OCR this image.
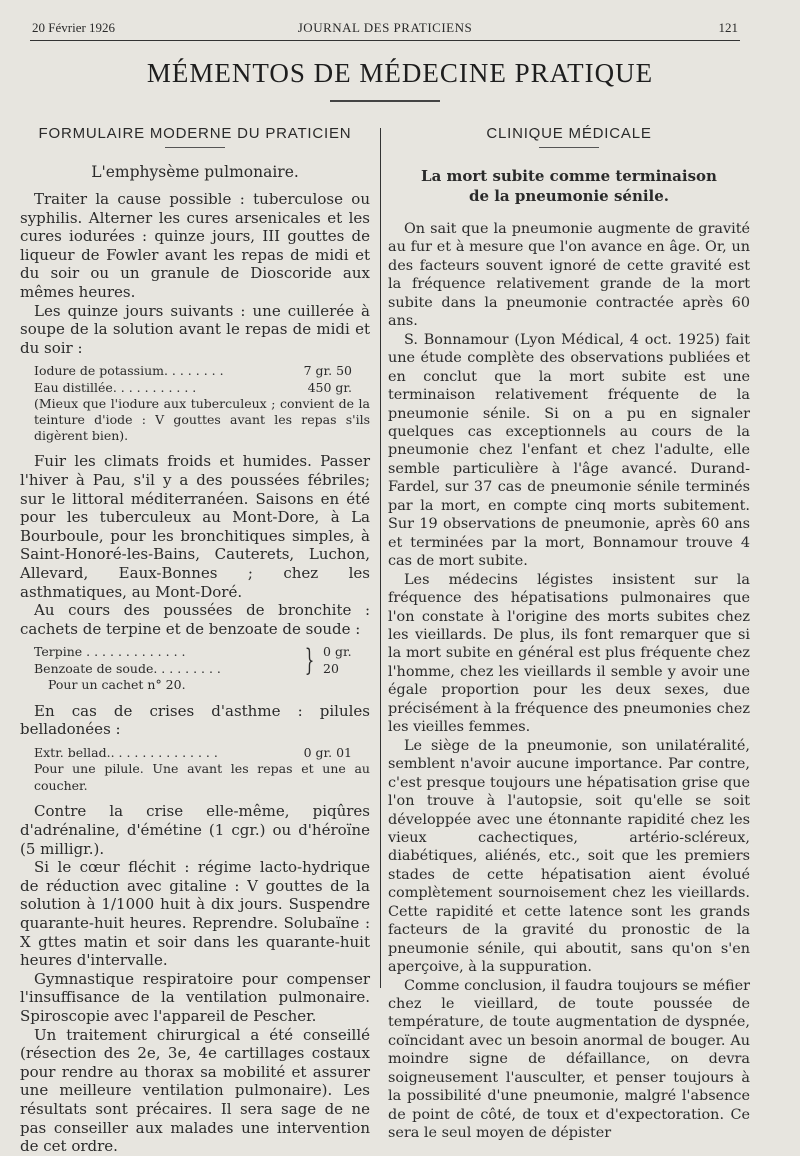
20 Février 1926	JOURNAL DES PRATICIENS	121
MÉMENTOS DE MÉDECINE PRATIQUE
FORMULAIRE MODERNE DU PRATICIEN
L'emphysème pulmonaire.

Traiter la cause possible : tuberculose ou syphilis. Alterner les cures arsenicales et les cures iodurées : quinze jours, III gouttes de liqueur de Fowler avant les repas de midi et du soir ou un granule de Dioscoride aux mêmes heures.

Les quinze jours suivants : une cuillerée à soupe de la solution avant le repas de midi et du soir :

Iodure de potassium. . . . . . . .	7 gr. 50
Eau distillée. . . . . . . . . . .	450 gr.

(Mieux que l'iodure aux tuberculeux ; convient de la teinture d'iode : V gouttes avant les repas s'ils digèrent bien).

Fuir les climats froids et humides. Passer l'hiver à Pau, s'il y a des poussées fébriles; sur le littoral méditerranéen. Saisons en été pour les tuberculeux au Mont-Dore, à La Bourboule, pour les bronchitiques simples, à Saint-Honoré-les-Bains, Cauterets, Luchon, Allevard, Eaux-Bonnes ; chez les asthmatiques, au Mont-Doré.

Au cours des poussées de bronchite : cachets de terpine et de benzoate de soude :

Terpine . . . . . . . . . . . . .
Benzoate de soude. . . . . . . . .	} 0 gr. 20

Pour un cachet n° 20.

En cas de crises d'asthme : pilules belladonées :

Extr. bellad.. . . . . . . . . . . . . .	0 gr. 01

Pour une pilule. Une avant les repas et une au coucher.

Contre la crise elle-même, piqûres d'adrénaline, d'émétine (1 cgr.) ou d'héroïne (5 milligr.).

Si le cœur fléchit : régime lacto-hydrique de réduction avec gitaline : V gouttes de la solution à 1/1000 huit à dix jours. Suspendre quarante-huit heures. Reprendre. Solubaïne : X gttes matin et soir dans les quarante-huit heures d'intervalle.

Gymnastique respiratoire pour compenser l'insuffisance de la ventilation pulmonaire. Spiroscopie avec l'appareil de Pescher.

Un traitement chirurgical a été conseillé (résection des 2e, 3e, 4e cartillages costaux pour rendre au thorax sa mobilité et assurer une meilleure ventilation pulmonaire). Les résultats sont précaires. Il sera sage de ne pas conseiller aux malades une intervention de cet ordre.

CLINIQUE MÉDICALE
La mort subite comme terminaison
de la pneumonie sénile.

On sait que la pneumonie augmente de gravité au fur et à mesure que l'on avance en âge. Or, un des facteurs souvent ignoré de cette gravité est la fréquence relativement grande de la mort subite dans la pneumonie contractée après 60 ans.

S. Bonnamour (Lyon Médical, 4 oct. 1925) fait une étude complète des observations publiées et en conclut que la mort subite est une terminaison relativement fréquente de la pneumonie sénile. Si on a pu en signaler quelques cas exceptionnels au cours de la pneumonie chez l'enfant et chez l'adulte, elle semble particulière à l'âge avancé. Durand-Fardel, sur 37 cas de pneumonie sénile terminés par la mort, en compte cinq morts subitement. Sur 19 observations de pneumonie, après 60 ans et terminées par la mort, Bonnamour trouve 4 cas de mort subite.

Les médecins légistes insistent sur la fréquence des hépatisations pulmonaires que l'on constate à l'origine des morts subites chez les vieillards. De plus, ils font remarquer que si la mort subite en général est plus fréquente chez l'homme, chez les vieillards il semble y avoir une égale proportion pour les deux sexes, due précisément à la fréquence des pneumonies chez les vieilles femmes.

Le siège de la pneumonie, son unilatéralité, semblent n'avoir aucune importance. Par contre, c'est presque toujours une hépatisation grise que l'on trouve à l'autopsie, soit qu'elle se soit développée avec une étonnante rapidité chez les vieux cachectiques, artério-scléreux, diabétiques, aliénés, etc., soit que les premiers stades de cette hépatisation aient évolué complètement sournoisement chez les vieillards. Cette rapidité et cette latence sont les grands facteurs de la gravité du pronostic de la pneumonie sénile, qui aboutit, sans qu'on s'en aperçoive, à la suppuration.

Comme conclusion, il faudra toujours se méfier chez le vieillard, de toute poussée de température, de toute augmentation de dyspnée, coïncidant avec un besoin anormal de bouger. Au moindre signe de défaillance, on devra soigneusement l'ausculter, et penser toujours à la possibilité d'une pneumonie, malgré l'absence de point de côté, de toux et d'expectoration. Ce sera le seul moyen de dépister
